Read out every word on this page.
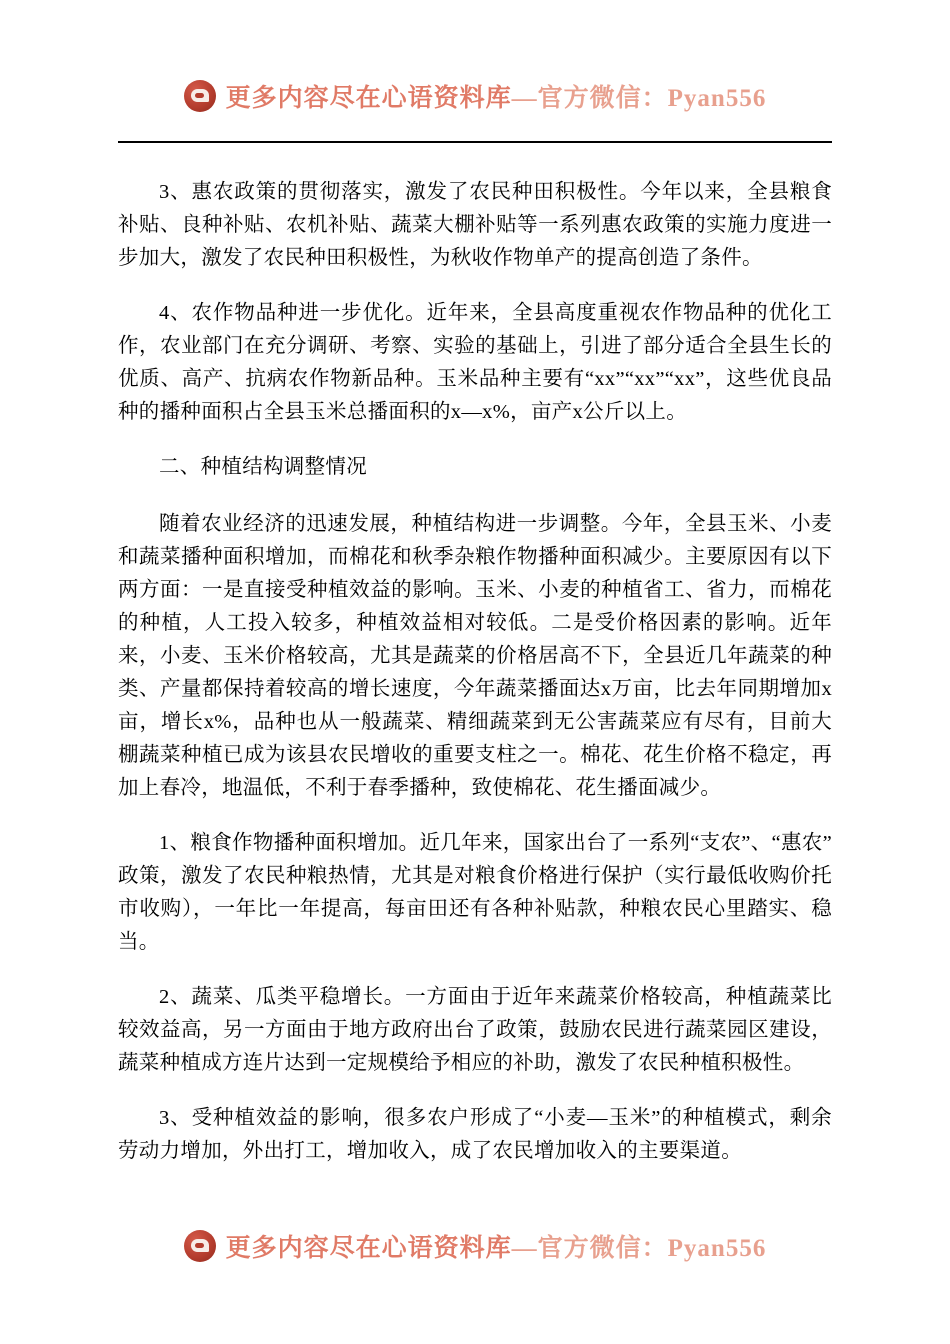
更多内容尽在心语资料库—官方微信：Pyan556

3、惠农政策的贯彻落实，激发了农民种田积极性。今年以来，全县粮食补贴、良种补贴、农机补贴、蔬菜大棚补贴等一系列惠农政策的实施力度进一步加大，激发了农民种田积极性，为秋收作物单产的提高创造了条件。

4、农作物品种进一步优化。近年来，全县高度重视农作物品种的优化工作，农业部门在充分调研、考察、实验的基础上，引进了部分适合全县生长的优质、高产、抗病农作物新品种。玉米品种主要有“xx”“xx”“xx”，这些优良品种的播种面积占全县玉米总播面积的x—x%，亩产x公斤以上。

二、种植结构调整情况

随着农业经济的迅速发展，种植结构进一步调整。今年，全县玉米、小麦和蔬菜播种面积增加，而棉花和秋季杂粮作物播种面积减少。主要原因有以下两方面：一是直接受种植效益的影响。玉米、小麦的种植省工、省力，而棉花的种植，人工投入较多，种植效益相对较低。二是受价格因素的影响。近年来，小麦、玉米价格较高，尤其是蔬菜的价格居高不下，全县近几年蔬菜的种类、产量都保持着较高的增长速度，今年蔬菜播面达x万亩，比去年同期增加x亩，增长x%，品种也从一般蔬菜、精细蔬菜到无公害蔬菜应有尽有，目前大棚蔬菜种植已成为该县农民增收的重要支柱之一。棉花、花生价格不稳定，再加上春冷，地温低，不利于春季播种，致使棉花、花生播面减少。

1、粮食作物播种面积增加。近几年来，国家出台了一系列“支农”、“惠农”政策，激发了农民种粮热情，尤其是对粮食价格进行保护（实行最低收购价托市收购），一年比一年提高，每亩田还有各种补贴款，种粮农民心里踏实、稳当。

2、蔬菜、瓜类平稳增长。一方面由于近年来蔬菜价格较高，种植蔬菜比较效益高，另一方面由于地方政府出台了政策，鼓励农民进行蔬菜园区建设，蔬菜种植成方连片达到一定规模给予相应的补助，激发了农民种植积极性。

3、受种植效益的影响，很多农户形成了“小麦—玉米”的种植模式，剩余劳动力增加，外出打工，增加收入，成了农民增加收入的主要渠道。

更多内容尽在心语资料库—官方微信：Pyan556
